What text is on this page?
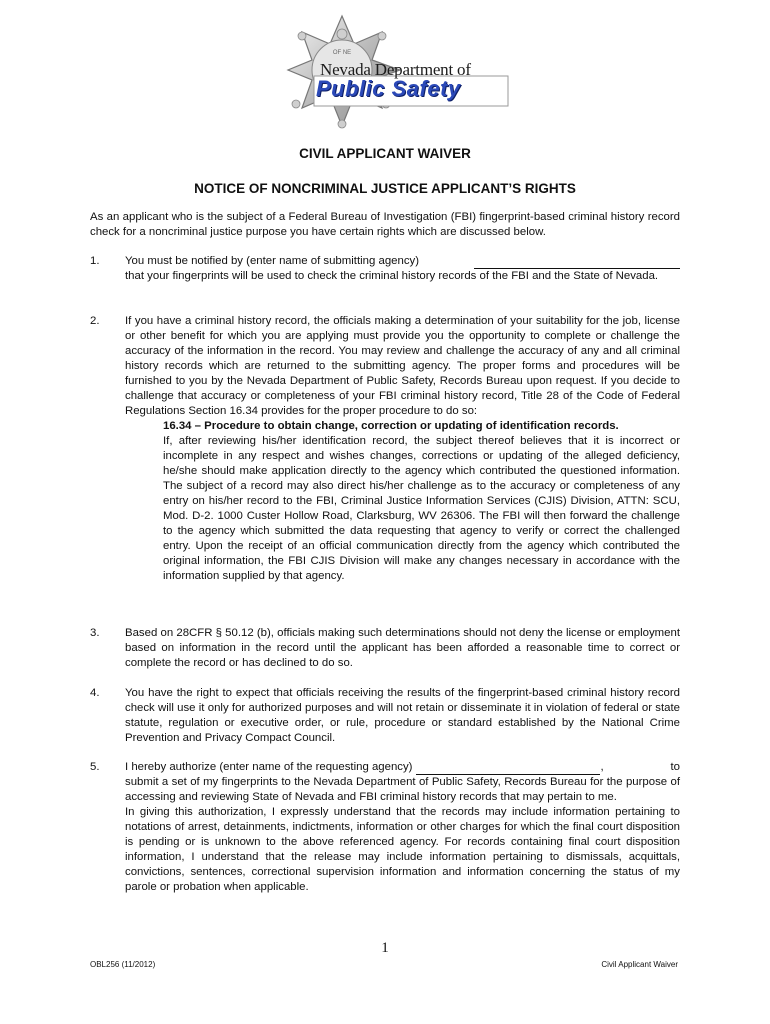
OF NE
Nevada Department of
Public Safety
CIVIL APPLICANT WAIVER
NOTICE OF NONCRIMINAL JUSTICE APPLICANT’S RIGHTS
As an applicant who is the subject of a Federal Bureau of Investigation (FBI) fingerprint-based criminal history record check for a noncriminal justice purpose you have certain rights which are discussed below.
1.	You must be notified by (enter name of submitting agency)
that your fingerprints will be used to check the criminal history records of the FBI and the State of Nevada.
2.	If you have a criminal history record, the officials making a determination of your suitability for the job, license or other benefit for which you are applying must provide you the opportunity to complete or challenge the accuracy of the information in the record. You may review and challenge the accuracy of any and all criminal history records which are returned to the submitting agency. The proper forms and procedures will be furnished to you by the Nevada Department of Public Safety, Records Bureau upon request. If you decide to challenge that accuracy or completeness of your FBI criminal history record, Title 28 of the Code of Federal Regulations Section 16.34 provides for the proper procedure to do so:
16.34 – Procedure to obtain change, correction or updating of identification records.
If, after reviewing his/her identification record, the subject thereof believes that it is incorrect or incomplete in any respect and wishes changes, corrections or updating of the alleged deficiency, he/she should make application directly to the agency which contributed the questioned information. The subject of a record may also direct his/her challenge as to the accuracy or completeness of any entry on his/her record to the FBI, Criminal Justice Information Services (CJIS) Division, ATTN: SCU, Mod. D-2. 1000 Custer Hollow Road, Clarksburg, WV 26306. The FBI will then forward the challenge to the agency which submitted the data requesting that agency to verify or correct the challenged entry. Upon the receipt of an official communication directly from the agency which contributed the original information, the FBI CJIS Division will make any changes necessary in accordance with the information supplied by that agency.
3.	Based on 28CFR § 50.12 (b), officials making such determinations should not deny the license or employment based on information in the record until the applicant has been afforded a reasonable time to correct or complete the record or has declined to do so.
4.	You have the right to expect that officials receiving the results of the fingerprint-based criminal history record check will use it only for authorized purposes and will not retain or disseminate it in violation of federal or state statute, regulation or executive order, or rule, procedure or standard established by the National Crime Prevention and Privacy Compact Council.
5.	I hereby authorize (enter name of the requesting agency)	,	to
submit a set of my fingerprints to the Nevada Department of Public Safety, Records Bureau for the purpose of accessing and reviewing State of Nevada and FBI criminal history records that may pertain to me.
In giving this authorization, I expressly understand that the records may include information pertaining to notations of arrest, detainments, indictments, information or other charges for which the final court disposition is pending or is unknown to the above referenced agency. For records containing final court disposition information, I understand that the release may include information pertaining to dismissals, acquittals, convictions, sentences, correctional supervision information and information concerning the status of my parole or probation when applicable.
1
OBL256 (11/2012)	Civil Applicant Waiver
